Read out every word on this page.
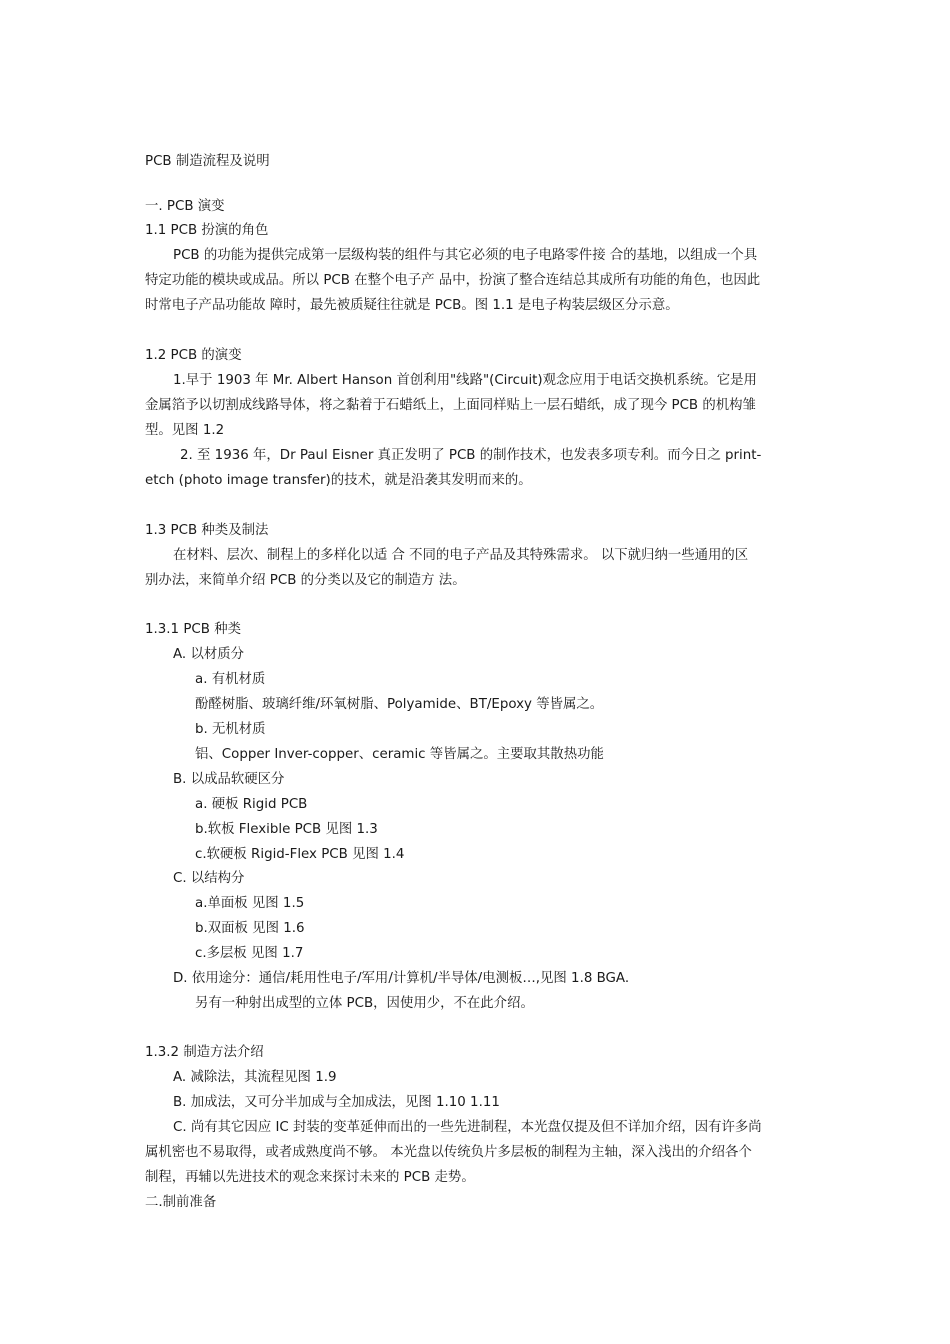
PCB 制造流程及说明
一. PCB 演变
1.1 PCB 扮演的角色
PCB 的功能为提供完成第一层级构装的组件与其它必须的电子电路零件接 合的基地，以组成一个具
特定功能的模块或成品。所以 PCB 在整个电子产 品中，扮演了整合连结总其成所有功能的角色，也因此
时常电子产品功能故 障时，最先被质疑往往就是 PCB。图 1.1 是电子构装层级区分示意。
1.2 PCB 的演变
1.早于 1903 年 Mr. Albert Hanson 首创利用"线路"(Circuit)观念应用于电话交换机系统。它是用
金属箔予以切割成线路导体，将之黏着于石蜡纸上，上面同样贴上一层石蜡纸，成了现今 PCB 的机构雏
型。见图 1.2
2. 至 1936 年，Dr Paul Eisner 真正发明了 PCB 的制作技术，也发表多项专利。而今日之 print-
etch (photo image transfer)的技术，就是沿袭其发明而来的。
1.3 PCB 种类及制法
在材料、层次、制程上的多样化以适 合 不同的电子产品及其特殊需求。 以下就归纳一些通用的区
别办法，来简单介绍 PCB 的分类以及它的制造方 法。
1.3.1 PCB 种类
A. 以材质分
a. 有机材质
酚醛树脂、玻璃纤维/环氧树脂、Polyamide、BT/Epoxy 等皆属之。
b. 无机材质
铝、Copper Inver-copper、ceramic 等皆属之。主要取其散热功能
B. 以成品软硬区分
a. 硬板 Rigid PCB
b.软板 Flexible PCB 见图 1.3
c.软硬板 Rigid-Flex PCB 见图 1.4
C. 以结构分
a.单面板 见图 1.5
b.双面板 见图 1.6
c.多层板 见图 1.7
D. 依用途分：通信/耗用性电子/军用/计算机/半导体/电测板…,见图 1.8 BGA.
另有一种射出成型的立体 PCB，因使用少，不在此介绍。
1.3.2 制造方法介绍
A. 减除法，其流程见图 1.9
B. 加成法，又可分半加成与全加成法，见图 1.10 1.11
C. 尚有其它因应 IC 封装的变革延伸而出的一些先进制程，本光盘仅提及但不详加介绍，因有许多尚
属机密也不易取得，或者成熟度尚不够。 本光盘以传统负片多层板的制程为主轴，深入浅出的介绍各个
制程，再辅以先进技术的观念来探讨未来的 PCB 走势。
二.制前准备
